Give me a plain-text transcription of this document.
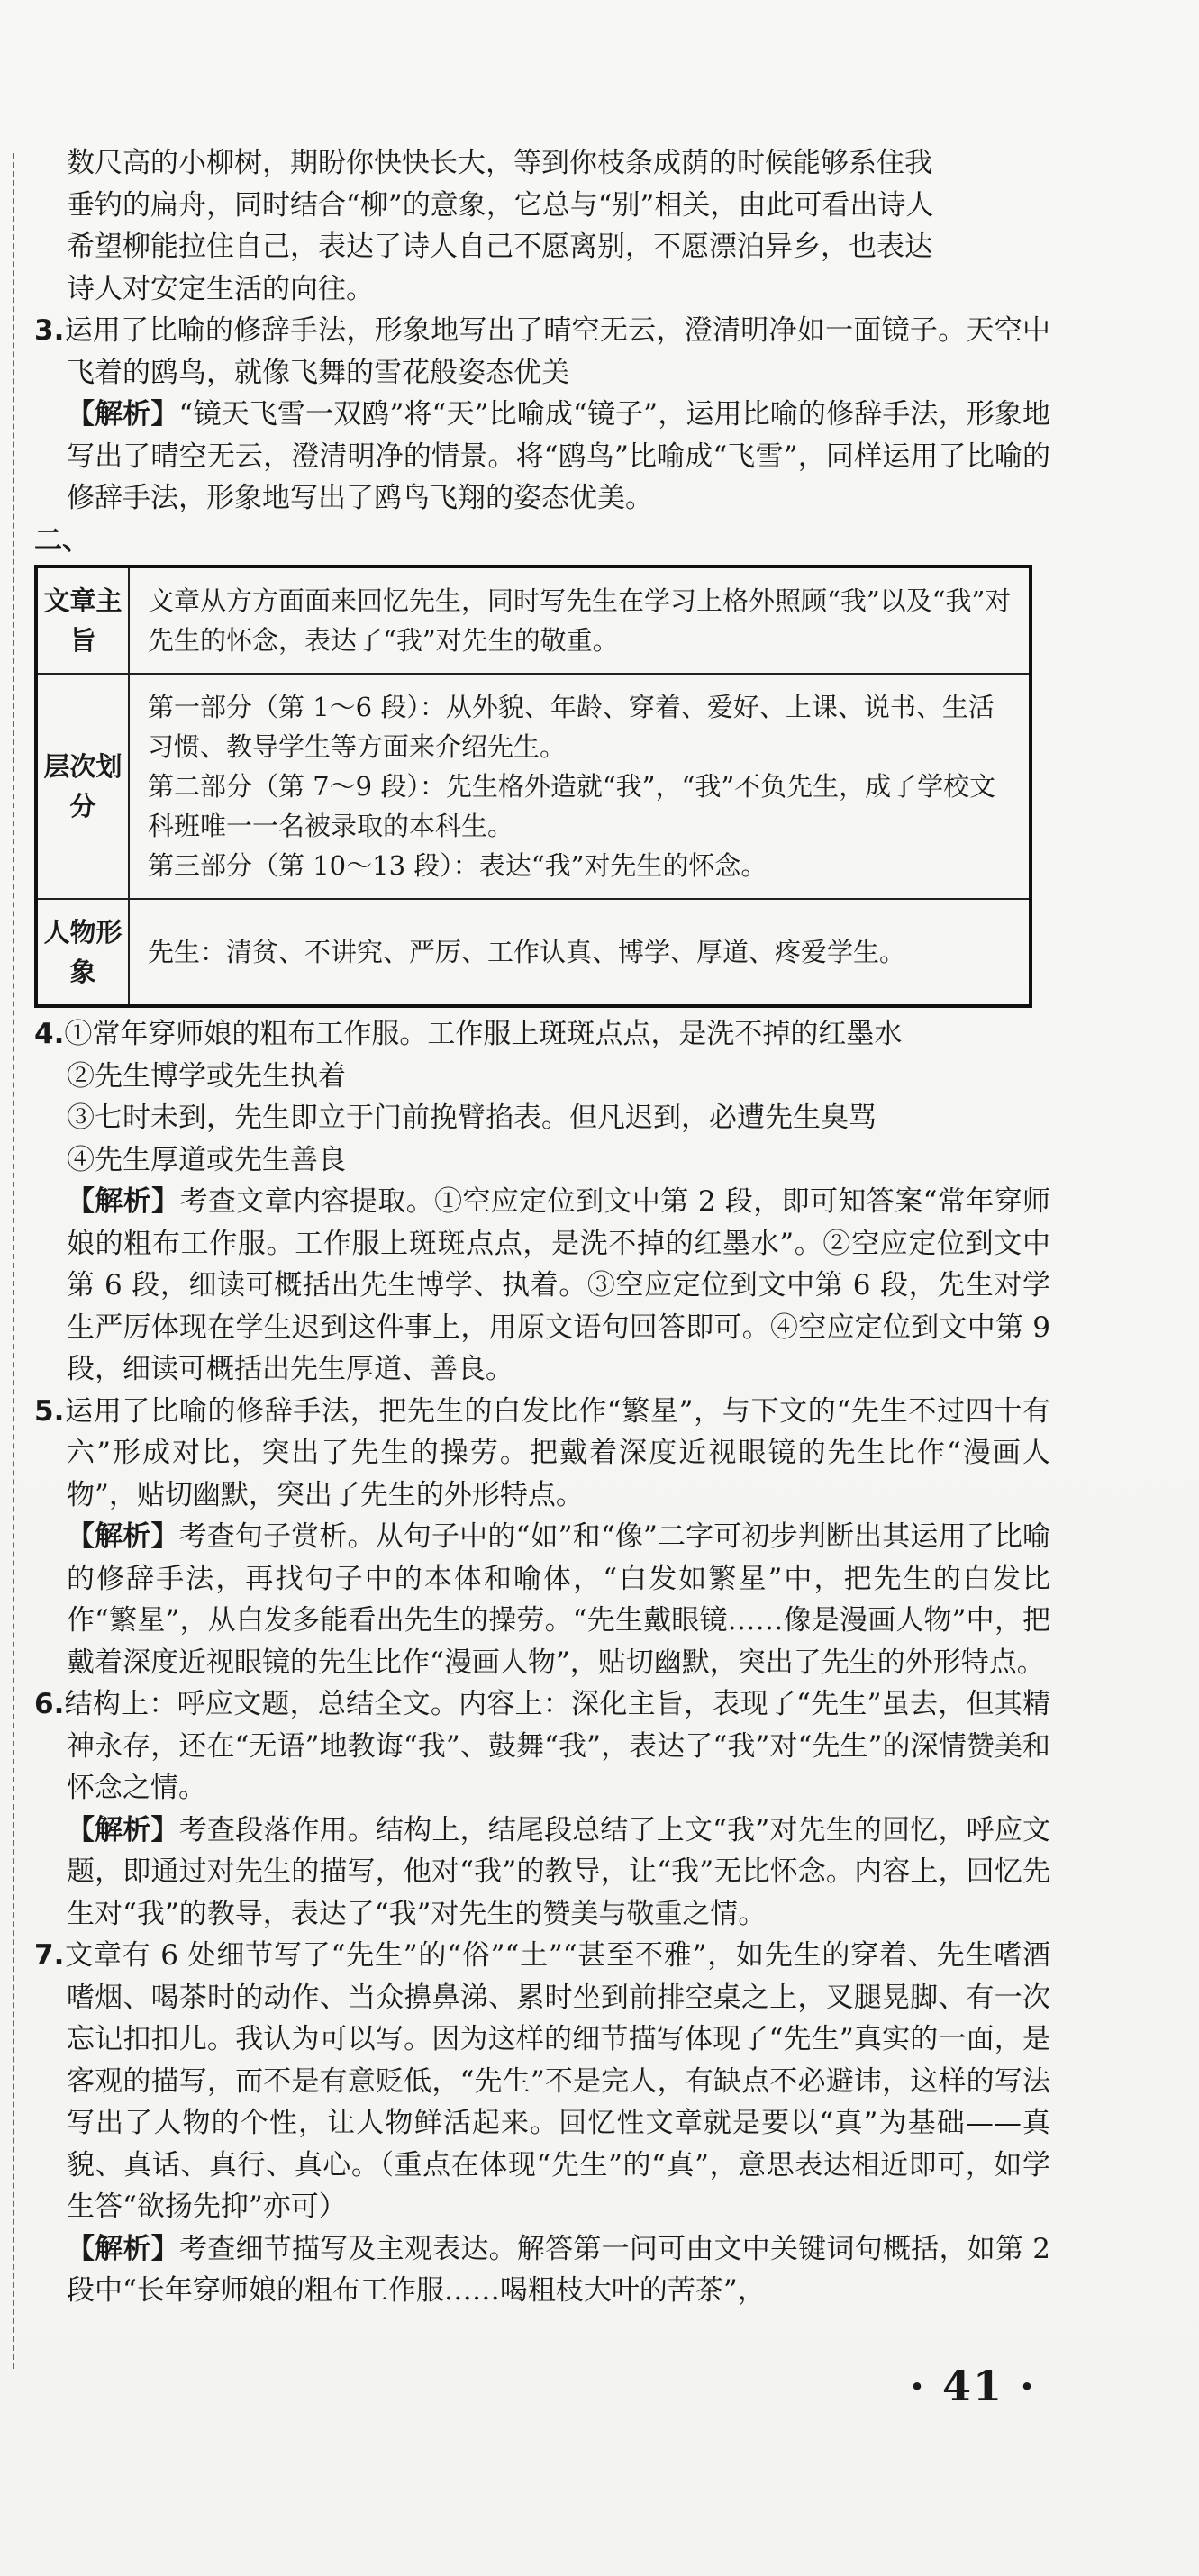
数尺高的小柳树，期盼你快快长大，等到你枝条成荫的时候能够系住我

垂钓的扁舟，同时结合“柳”的意象，它总与“别”相关，由此可看出诗人

希望柳能拉住自己，表达了诗人自己不愿离别，不愿漂泊异乡，也表达

诗人对安定生活的向往。

3.运用了比喻的修辞手法，形象地写出了晴空无云，澄清明净如一面镜子。天空中飞着的鸥鸟，就像飞舞的雪花般姿态优美

【解析】“镜天飞雪一双鸥”将“天”比喻成“镜子”，运用比喻的修辞手法，形象地写出了晴空无云，澄清明净的情景。将“鸥鸟”比喻成“飞雪”，同样运用了比喻的修辞手法，形象地写出了鸥鸟飞翔的姿态优美。

二、

文章主旨	文章从方方面面来回忆先生，同时写先生在学习上格外照顾“我”以及“我”对先生的怀念，表达了“我”对先生的敬重。
层次划分	第一部分（第 1～6 段）：从外貌、年龄、穿着、爱好、上课、说书、生活习惯、教导学生等方面来介绍先生。
第二部分（第 7～9 段）：先生格外造就“我”，“我”不负先生，成了学校文科班唯一一名被录取的本科生。
第三部分（第 10～13 段）：表达“我”对先生的怀念。

人物形象	先生：清贫、不讲究、严厉、工作认真、博学、厚道、疼爱学生。

4.①常年穿师娘的粗布工作服。工作服上斑斑点点，是洗不掉的红墨水

②先生博学或先生执着

③七时未到，先生即立于门前挽臂掐表。但凡迟到，必遭先生臭骂

④先生厚道或先生善良

【解析】考查文章内容提取。①空应定位到文中第 2 段，即可知答案“常年穿师娘的粗布工作服。工作服上斑斑点点，是洗不掉的红墨水”。②空应定位到文中第 6 段，细读可概括出先生博学、执着。③空应定位到文中第 6 段，先生对学生严厉体现在学生迟到这件事上，用原文语句回答即可。④空应定位到文中第 9 段，细读可概括出先生厚道、善良。

5.运用了比喻的修辞手法，把先生的白发比作“繁星”，与下文的“先生不过四十有六”形成对比，突出了先生的操劳。把戴着深度近视眼镜的先生比作“漫画人物”，贴切幽默，突出了先生的外形特点。

【解析】考查句子赏析。从句子中的“如”和“像”二字可初步判断出其运用了比喻的修辞手法，再找句子中的本体和喻体，“白发如繁星”中，把先生的白发比作“繁星”，从白发多能看出先生的操劳。“先生戴眼镜……像是漫画人物”中，把戴着深度近视眼镜的先生比作“漫画人物”，贴切幽默，突出了先生的外形特点。

6.结构上：呼应文题，总结全文。内容上：深化主旨，表现了“先生”虽去，但其精神永存，还在“无语”地教诲“我”、鼓舞“我”，表达了“我”对“先生”的深情赞美和怀念之情。

【解析】考查段落作用。结构上，结尾段总结了上文“我”对先生的回忆，呼应文题，即通过对先生的描写，他对“我”的教导，让“我”无比怀念。内容上，回忆先生对“我”的教导，表达了“我”对先生的赞美与敬重之情。

7.文章有 6 处细节写了“先生”的“俗”“土”“甚至不雅”，如先生的穿着、先生嗜酒嗜烟、喝茶时的动作、当众擤鼻涕、累时坐到前排空桌之上，叉腿晃脚、有一次忘记扣扣儿。我认为可以写。因为这样的细节描写体现了“先生”真实的一面，是客观的描写，而不是有意贬低，“先生”不是完人，有缺点不必避讳，这样的写法写出了人物的个性，让人物鲜活起来。回忆性文章就是要以“真”为基础——真貌、真话、真行、真心。（重点在体现“先生”的“真”，意思表达相近即可，如学生答“欲扬先抑”亦可）

【解析】考查细节描写及主观表达。解答第一问可由文中关键词句概括，如第 2 段中“长年穿师娘的粗布工作服……喝粗枝大叶的苦茶”，

· 41 ·
